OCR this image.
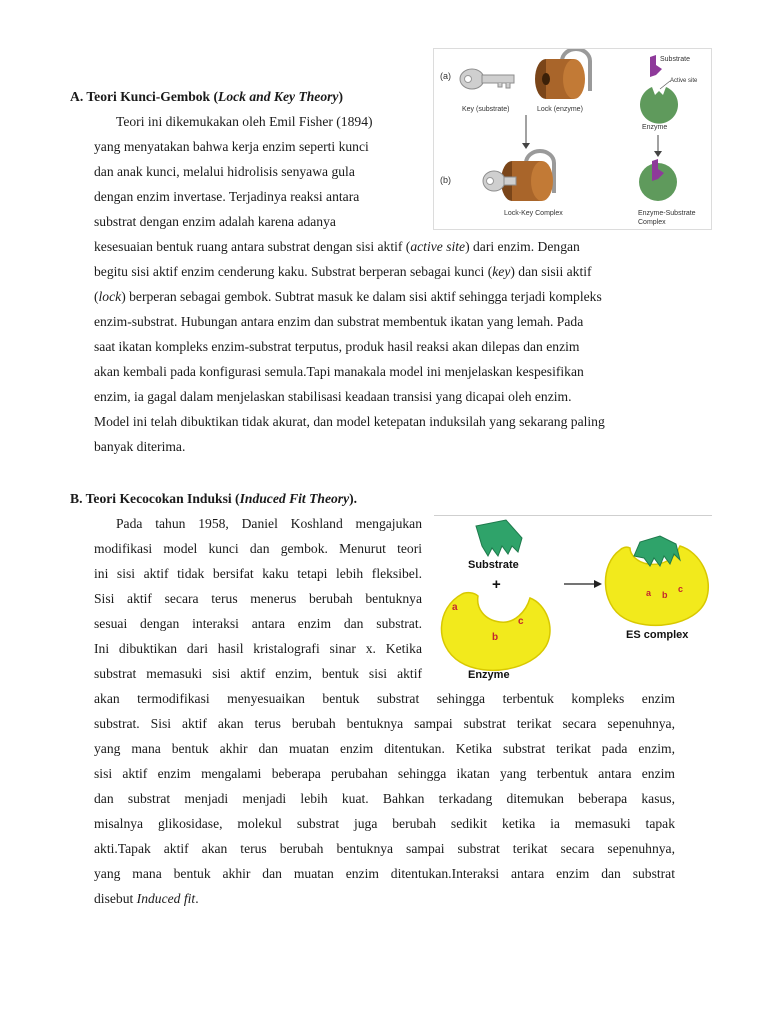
A. Teori Kunci-Gembok (Lock and Key Theory)
Teori ini dikemukakan oleh Emil Fisher (1894)
yang menyatakan bahwa kerja enzim seperti kunci
dan anak kunci, melalui hidrolisis senyawa gula
dengan enzim invertase. Terjadinya reaksi antara
substrat dengan enzim adalah karena adanya
kesesuaian bentuk ruang antara substrat dengan sisi aktif (active site) dari enzim. Dengan
begitu sisi aktif enzim cenderung kaku. Substrat berperan sebagai kunci (key) dan sisii aktif
(lock) berperan sebagai gembok. Subtrat masuk ke dalam sisi aktif sehingga terjadi kompleks
enzim-substrat. Hubungan antara enzim dan substrat membentuk ikatan yang lemah. Pada
saat ikatan kompleks enzim-substrat terputus, produk hasil reaksi akan dilepas dan enzim
akan kembali pada konfigurasi semula.Tapi manakala model ini menjelaskan kespesifikan
enzim, ia gagal dalam menjelaskan stabilisasi keadaan transisi yang dicapai oleh enzim.
Model ini telah dibuktikan tidak akurat, dan model ketepatan induksilah yang sekarang paling
banyak diterima.
(a)
Key (substrate)	Lock (enzyme)
Substrate
Active site
Enzyme
(b)
Lock-Key Complex	Enzyme-Substrate
Complex
B. Teori Kecocokan Induksi (Induced Fit Theory).
Pada tahun 1958, Daniel Koshland mengajukan
modifikasi model kunci dan gembok. Menurut teori
ini sisi aktif tidak bersifat kaku tetapi lebih fleksibel.
Sisi aktif secara terus menerus berubah bentuknya
sesuai dengan interaksi antara enzim dan substrat.
Ini dibuktikan dari hasil kristalografi sinar x. Ketika
substrat memasuki sisi aktif enzim, bentuk sisi aktif
akan termodifikasi menyesuaikan bentuk substrat sehingga terbentuk kompleks enzim
substrat. Sisi aktif akan terus berubah bentuknya sampai substrat terikat secara sepenuhnya,
yang mana bentuk akhir dan muatan enzim ditentukan. Ketika substrat terikat pada enzim,
sisi aktif enzim mengalami beberapa perubahan sehingga ikatan yang terbentuk antara enzim
dan substrat menjadi menjadi lebih kuat. Bahkan terkadang ditemukan beberapa kasus,
misalnya glikosidase, molekul substrat juga berubah sedikit ketika ia memasuki tapak
akti.Tapak aktif akan terus berubah bentuknya sampai substrat terikat secara sepenuhnya,
yang mana bentuk akhir dan muatan enzim ditentukan.Interaksi antara enzim dan substrat
disebut Induced fit.
Substrate
+
a
b
c
Enzyme
a b
c
ES complex
